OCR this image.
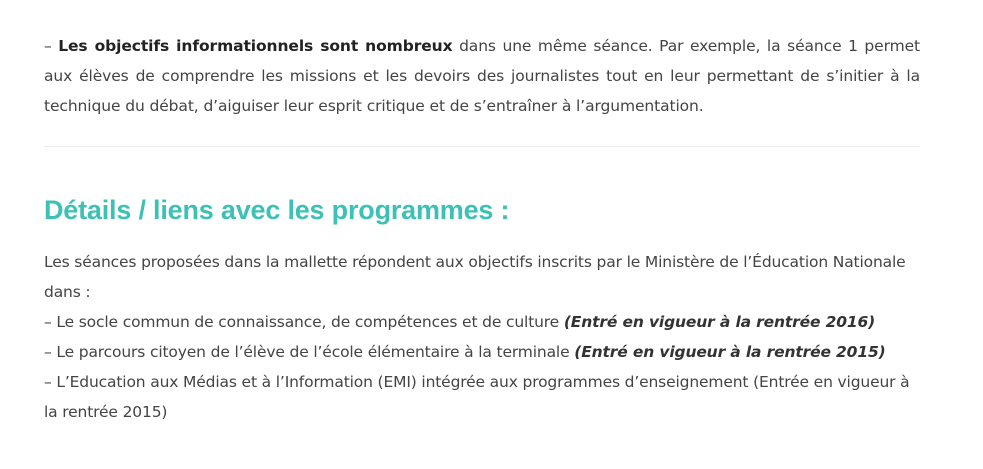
– Les objectifs informationnels sont nombreux dans une même séance. Par exemple, la séance 1 permet aux élèves de comprendre les missions et les devoirs des journalistes tout en leur permettant de s’initier à la technique du débat, d’aiguiser leur esprit critique et de s’entraîner à l’argumentation.

Détails / liens avec les programmes :

Les séances proposées dans la mallette répondent aux objectifs inscrits par le Ministère de l’Éducation Nationale dans :
– Le socle commun de connaissance, de compétences et de culture (Entré en vigueur à la rentrée 2016)
– Le parcours citoyen de l’élève de l’école élémentaire à la terminale (Entré en vigueur à la rentrée 2015)
– L’Education aux Médias et à l’Information (EMI) intégrée aux programmes d’enseignement (Entrée en vigueur à la rentrée 2015)
